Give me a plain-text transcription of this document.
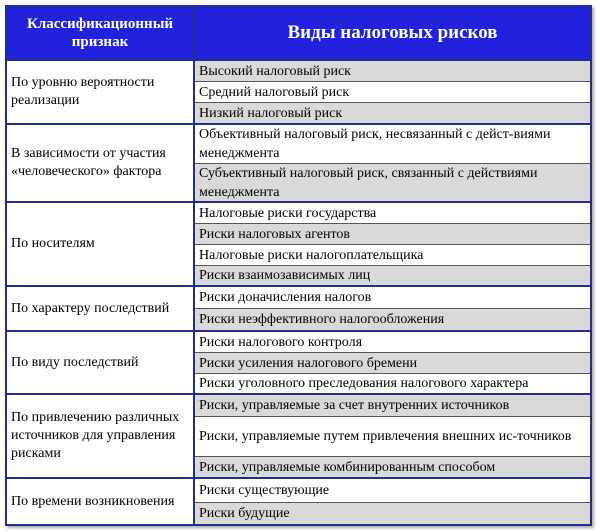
Классификационный признак	Виды налоговых рисков
По уровню вероятности реализации
Высокий налоговый риск
Средний налоговый риск
Низкий налоговый риск
В зависимости от участия «человеческого» фактора
Объективный налоговый риск, несвязанный с дейст-виями менеджмента
Субъективный налоговый риск, связанный с действиями менеджмента
По носителям
Налоговые риски государства
Риски налоговых агентов
Налоговые риски налогоплательщика
Риски взаимозависимых лиц
По характеру последствий
Риски доначисления налогов
Риски неэффективного налогообложения
По виду последствий
Риски налогового контроля
Риски усиления налогового бремени
Риски уголовного преследования налогового характера
По привлечению различных источников для управления рисками
Риски, управляемые за счет внутренних источников
Риски, управляемые путем привлечения внешних ис-точников
Риски, управляемые комбинированным способом
По времени возникновения
Риски существующие
Риски будущие
